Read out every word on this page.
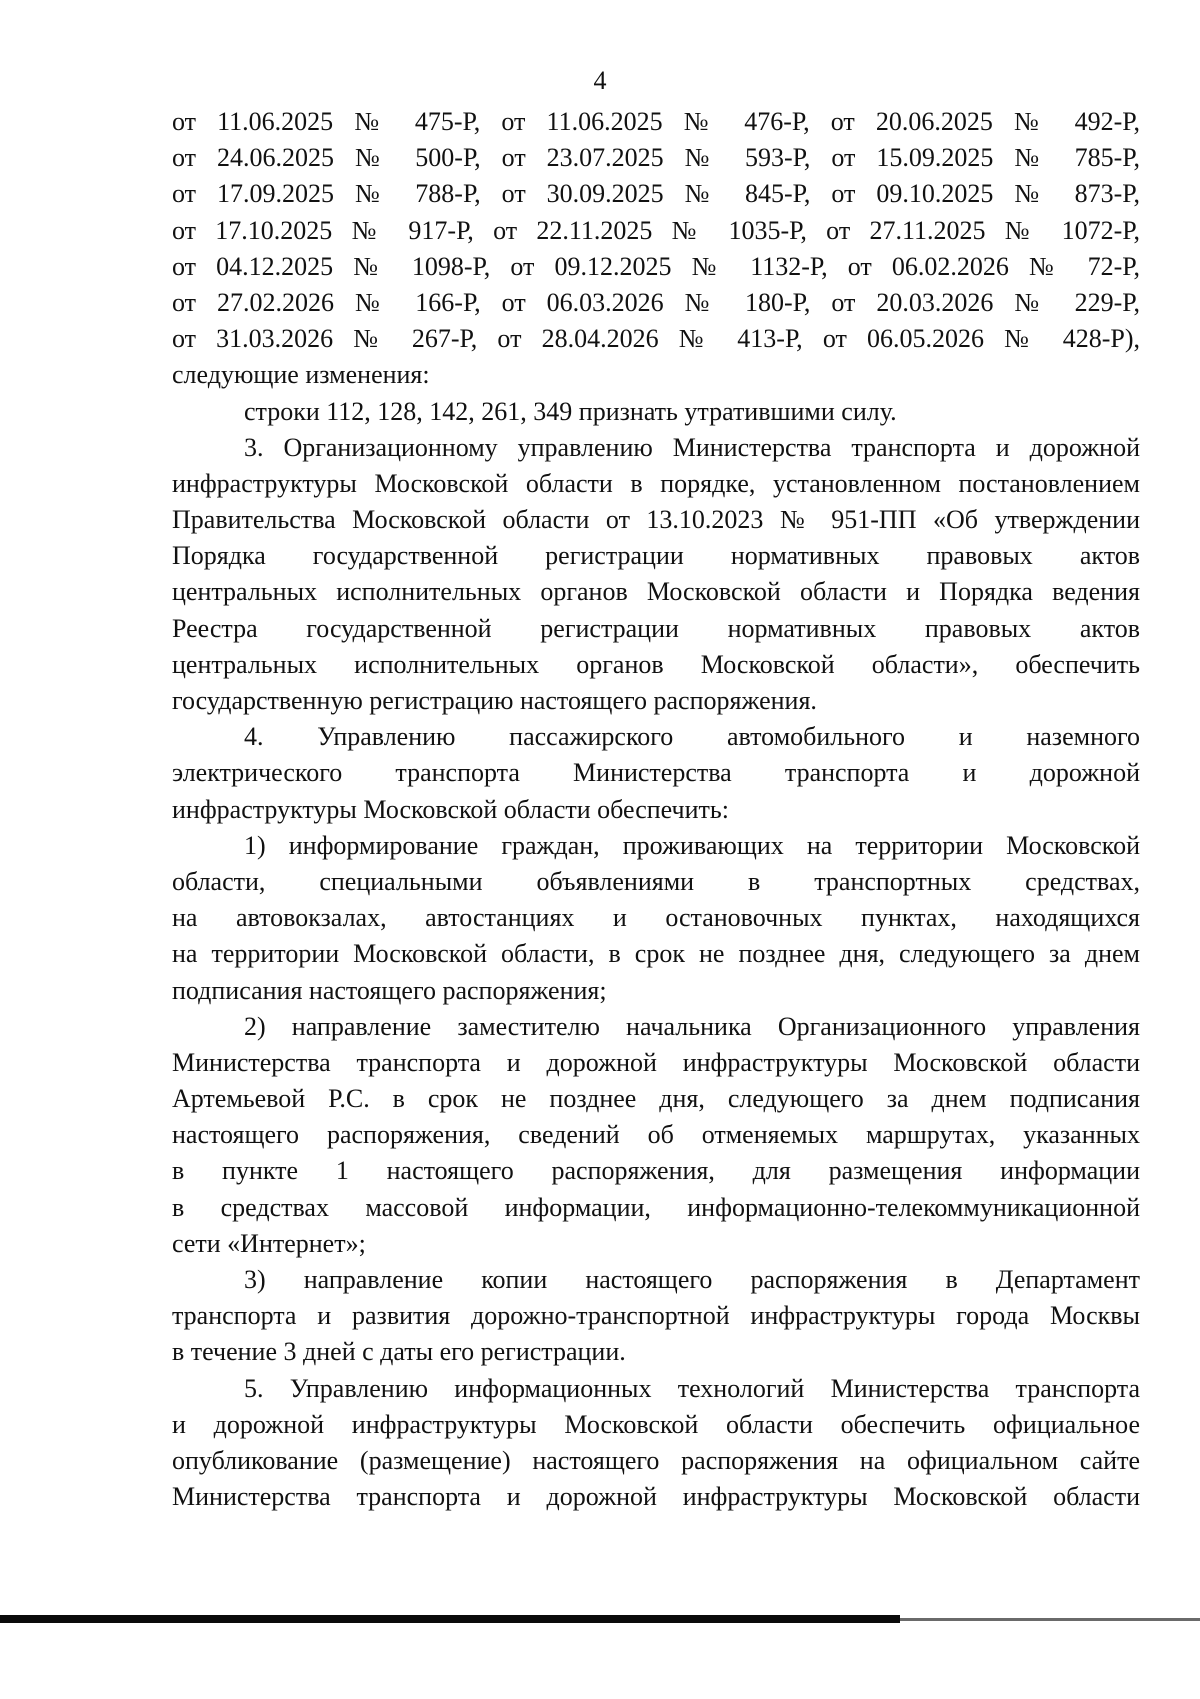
4
от 11.06.2025 № 475-Р, от 11.06.2025 № 476-Р, от 20.06.2025 № 492-Р,
от 24.06.2025 № 500-Р, от 23.07.2025 № 593-Р, от 15.09.2025 № 785-Р,
от 17.09.2025 № 788-Р, от 30.09.2025 № 845-Р, от 09.10.2025 № 873-Р,
от 17.10.2025 № 917-Р, от 22.11.2025 № 1035-Р, от 27.11.2025 № 1072-Р,
от 04.12.2025 № 1098-Р, от 09.12.2025 № 1132-Р, от 06.02.2026 № 72-Р,
от 27.02.2026 № 166-Р, от 06.03.2026 № 180-Р, от 20.03.2026 № 229-Р,
от 31.03.2026 № 267-Р, от 28.04.2026 № 413-Р, от 06.05.2026 № 428-Р),
следующие изменения:
строки 112, 128, 142, 261, 349 признать утратившими силу.
3. Организационному управлению Министерства транспорта и дорожной
инфраструктуры Московской области в порядке, установленном постановлением
Правительства Московской области от 13.10.2023 № 951-ПП «Об утверждении
Порядка государственной регистрации нормативных правовых актов
центральных исполнительных органов Московской области и Порядка ведения
Реестра государственной регистрации нормативных правовых актов
центральных исполнительных органов Московской области», обеспечить
государственную регистрацию настоящего распоряжения.
4. Управлению пассажирского автомобильного и наземного
электрического транспорта Министерства транспорта и дорожной
инфраструктуры Московской области обеспечить:
1) информирование граждан, проживающих на территории Московской
области, специальными объявлениями в транспортных средствах,
на автовокзалах, автостанциях и остановочных пунктах, находящихся
на территории Московской области, в срок не позднее дня, следующего за днем
подписания настоящего распоряжения;
2) направление заместителю начальника Организационного управления
Министерства транспорта и дорожной инфраструктуры Московской области
Артемьевой Р.С. в срок не позднее дня, следующего за днем подписания
настоящего распоряжения, сведений об отменяемых маршрутах, указанных
в пункте 1 настоящего распоряжения, для размещения информации
в средствах массовой информации, информационно-телекоммуникационной
сети «Интернет»;
3) направление копии настоящего распоряжения в Департамент
транспорта и развития дорожно-транспортной инфраструктуры города Москвы
в течение 3 дней с даты его регистрации.
5. Управлению информационных технологий Министерства транспорта
и дорожной инфраструктуры Московской области обеспечить официальное
опубликование (размещение) настоящего распоряжения на официальном сайте
Министерства транспорта и дорожной инфраструктуры Московской области
